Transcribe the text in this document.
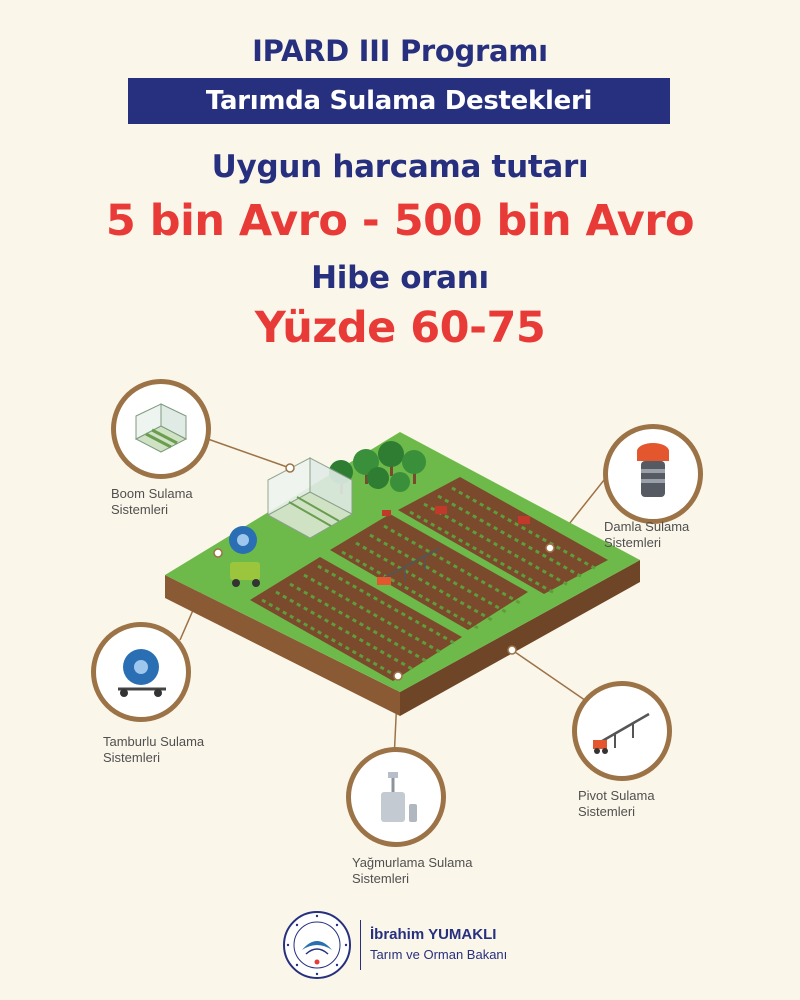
IPARD III Programı
Tarımda Sulama Destekleri
Uygun harcama tutarı
5 bin Avro - 500 bin Avro
Hibe oranı
Yüzde 60-75
Boom Sulama
Sistemleri
Damla Sulama
Sistemleri
Tamburlu Sulama
Sistemleri
Pivot Sulama
Sistemleri
Yağmurlama Sulama
Sistemleri
İbrahim YUMAKLI
Tarım ve Orman Bakanı
